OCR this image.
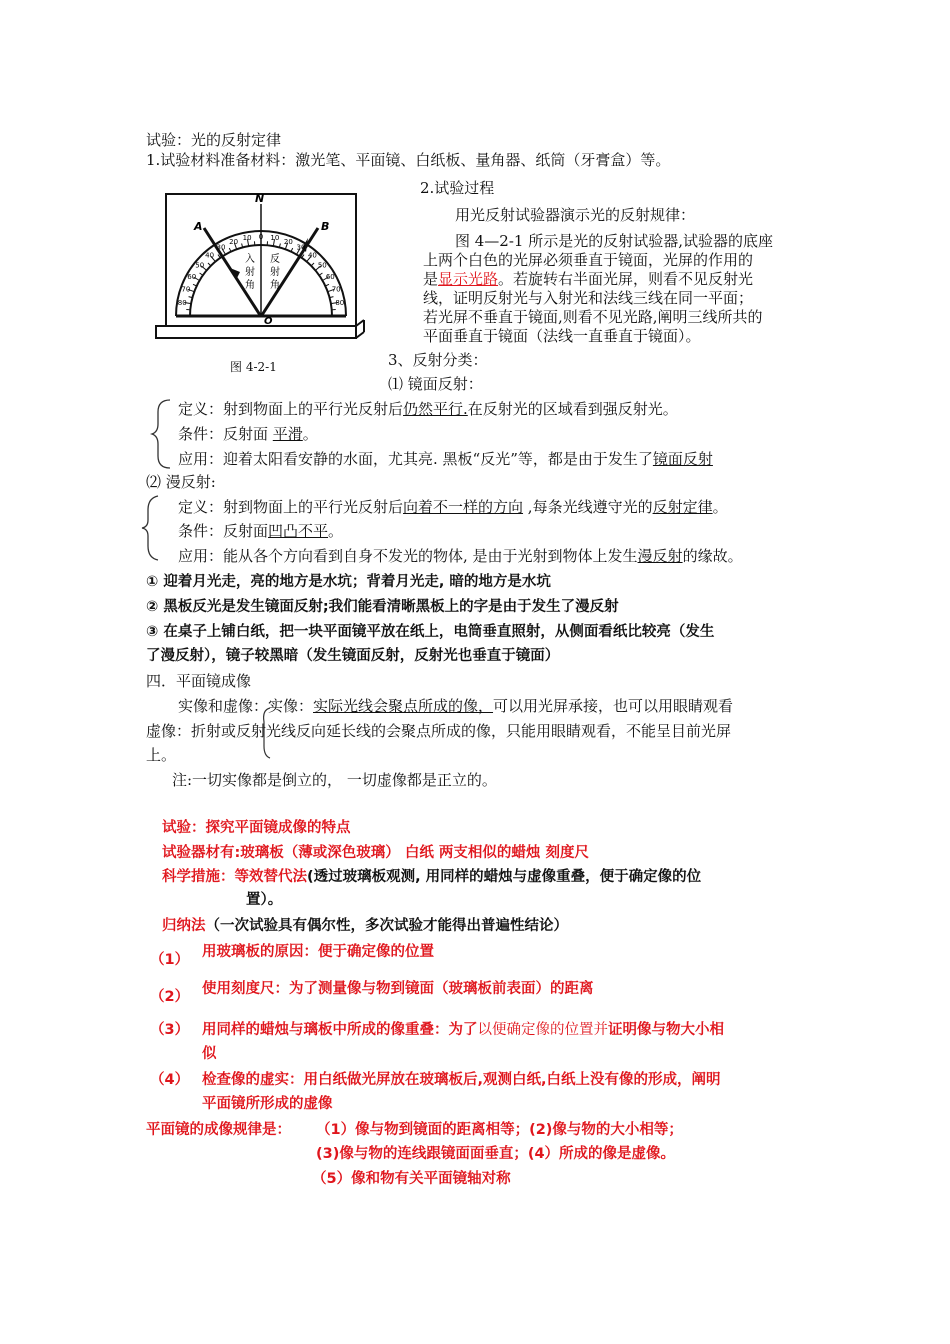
试验：光的反射定律
1.试验材料准备材料：激光笔、平面镜、白纸板、量角器、纸筒（牙膏盒）等。
N
A	B
O
80
70
60
50
40
30
20 10 0 10 20
30
40
50
60
70
80
入
射
角
反
射
角
图 4-2-1
2.试验过程
用光反射试验器演示光的反射规律：
图 4—2-1 所示是光的反射试验器,试验器的底座
上两个白色的光屏必须垂直于镜面，光屏的作用的
是显示光路。若旋转右半面光屏，则看不见反射光
线，证明反射光与入射光和法线三线在同一平面；
若光屏不垂直于镜面,则看不见光路,阐明三线所共的
平面垂直于镜面（法线一直垂直于镜面）。
3、反射分类：
⑴ 镜面反射：
定义：射到物面上的平行光反射后仍然平行.在反射光的区域看到强反射光。
条件：反射面 平滑。
应用：迎着太阳看安静的水面，尤其亮. 黑板“反光”等，都是由于发生了镜面反射
⑵ 漫反射:
定义：射到物面上的平行光反射后向着不一样的方向 ,每条光线遵守光的反射定律。
条件：反射面凹凸不平。
应用：能从各个方向看到自身不发光的物体, 是由于光射到物体上发生漫反射的缘故。
① 迎着月光走，亮的地方是水坑；背着月光走, 暗的地方是水坑
② 黑板反光是发生镜面反射;我们能看清晰黑板上的字是由于发生了漫反射
③ 在桌子上铺白纸，把一块平面镜平放在纸上，电筒垂直照射，从侧面看纸比较亮（发生
了漫反射），镜子较黑暗（发生镜面反射，反射光也垂直于镜面）
四．平面镜成像
实像和虚像：实像：实际光线会聚点所成的像，可以用光屏承接，也可以用眼睛观看
虚像：折射或反射光线反向延长线的会聚点所成的像，只能用眼睛观看，不能呈目前光屏
上。
注:一切实像都是倒立的， 一切虚像都是正立的。
试验：探究平面镜成像的特点
试验器材有:玻璃板（薄或深色玻璃） 白纸 两支相似的蜡烛 刻度尺
科学措施：等效替代法(透过玻璃板观测, 用同样的蜡烛与虚像重叠，便于确定像的位
置）。
归纳法（一次试验具有偶尔性，多次试验才能得出普遍性结论）
（1） 用玻璃板的原因：便于确定像的位置
（2） 使用刻度尺：为了测量像与物到镜面（玻璃板前表面）的距离
（3） 用同样的蜡烛与璃板中所成的像重叠：为了以便确定像的位置并证明像与物大小相
似
（4） 检查像的虚实：用白纸做光屏放在玻璃板后,观测白纸,白纸上没有像的形成，阐明
平面镜所形成的虚像
平面镜的成像规律是： （1）像与物到镜面的距离相等；(2)像与物的大小相等；
(3)像与物的连线跟镜面面垂直；(4）所成的像是虚像。
（5）像和物有关平面镜轴对称
